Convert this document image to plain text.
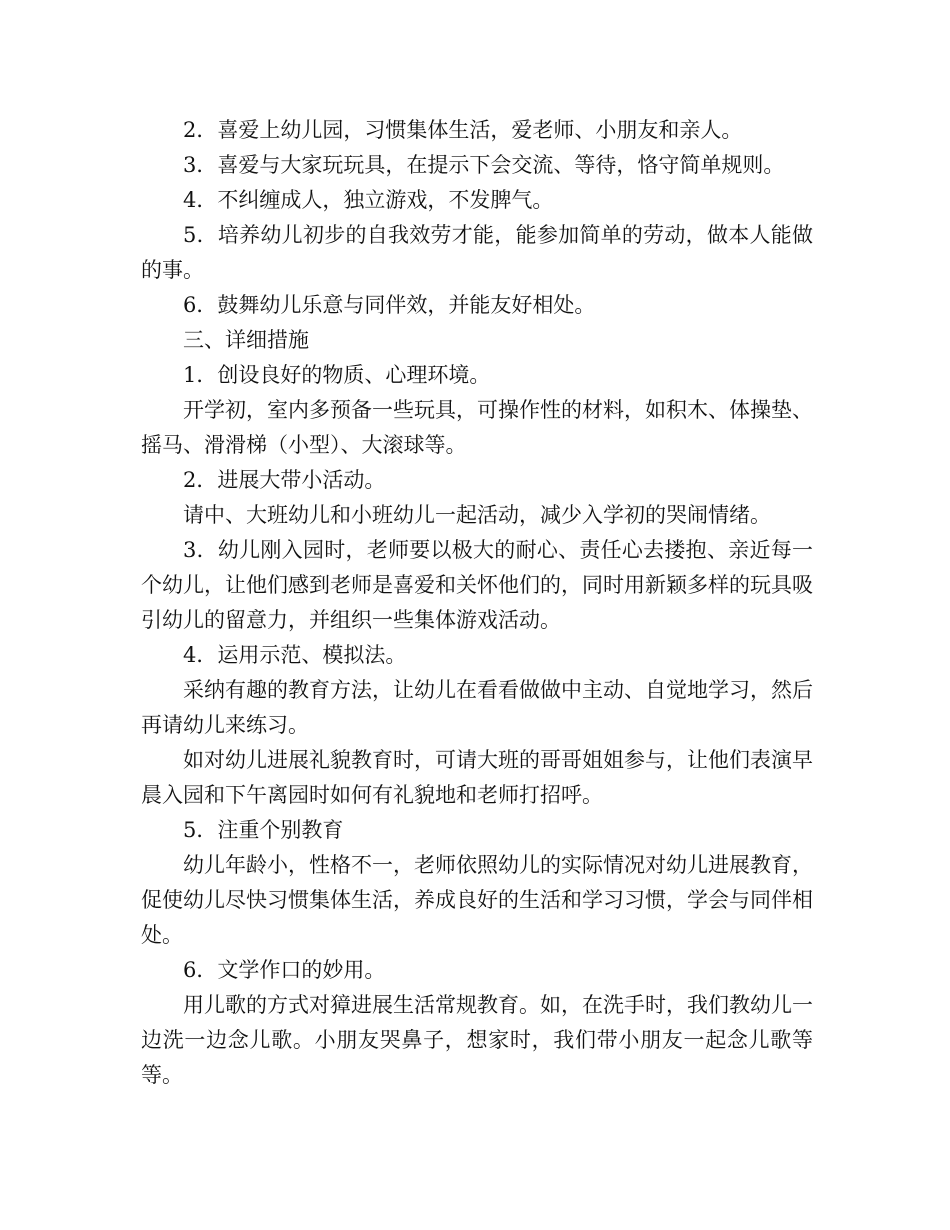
2．喜爱上幼儿园，习惯集体生活，爱老师、小朋友和亲人。

3．喜爱与大家玩玩具，在提示下会交流、等待，恪守简单规则。

4．不纠缠成人，独立游戏，不发脾气。

5．培养幼儿初步的自我效劳才能，能参加简单的劳动，做本人能做的事。

6．鼓舞幼儿乐意与同伴效，并能友好相处。

三、详细措施

1．创设良好的物质、心理环境。

开学初，室内多预备一些玩具，可操作性的材料，如积木、体操垫、摇马、滑滑梯（小型）、大滚球等。

2．进展大带小活动。

请中、大班幼儿和小班幼儿一起活动，减少入学初的哭闹情绪。

3．幼儿刚入园时，老师要以极大的耐心、责任心去搂抱、亲近每一个幼儿，让他们感到老师是喜爱和关怀他们的，同时用新颖多样的玩具吸引幼儿的留意力，并组织一些集体游戏活动。

4．运用示范、模拟法。

采纳有趣的教育方法，让幼儿在看看做做中主动、自觉地学习，然后再请幼儿来练习。

如对幼儿进展礼貌教育时，可请大班的哥哥姐姐参与，让他们表演早晨入园和下午离园时如何有礼貌地和老师打招呼。

5．注重个别教育

幼儿年龄小，性格不一，老师依照幼儿的实际情况对幼儿进展教育，促使幼儿尽快习惯集体生活，养成良好的生活和学习习惯，学会与同伴相处。

6．文学作口的妙用。

用儿歌的方式对獐进展生活常规教育。如，在洗手时，我们教幼儿一边洗一边念儿歌。小朋友哭鼻子，想家时，我们带小朋友一起念儿歌等等。
